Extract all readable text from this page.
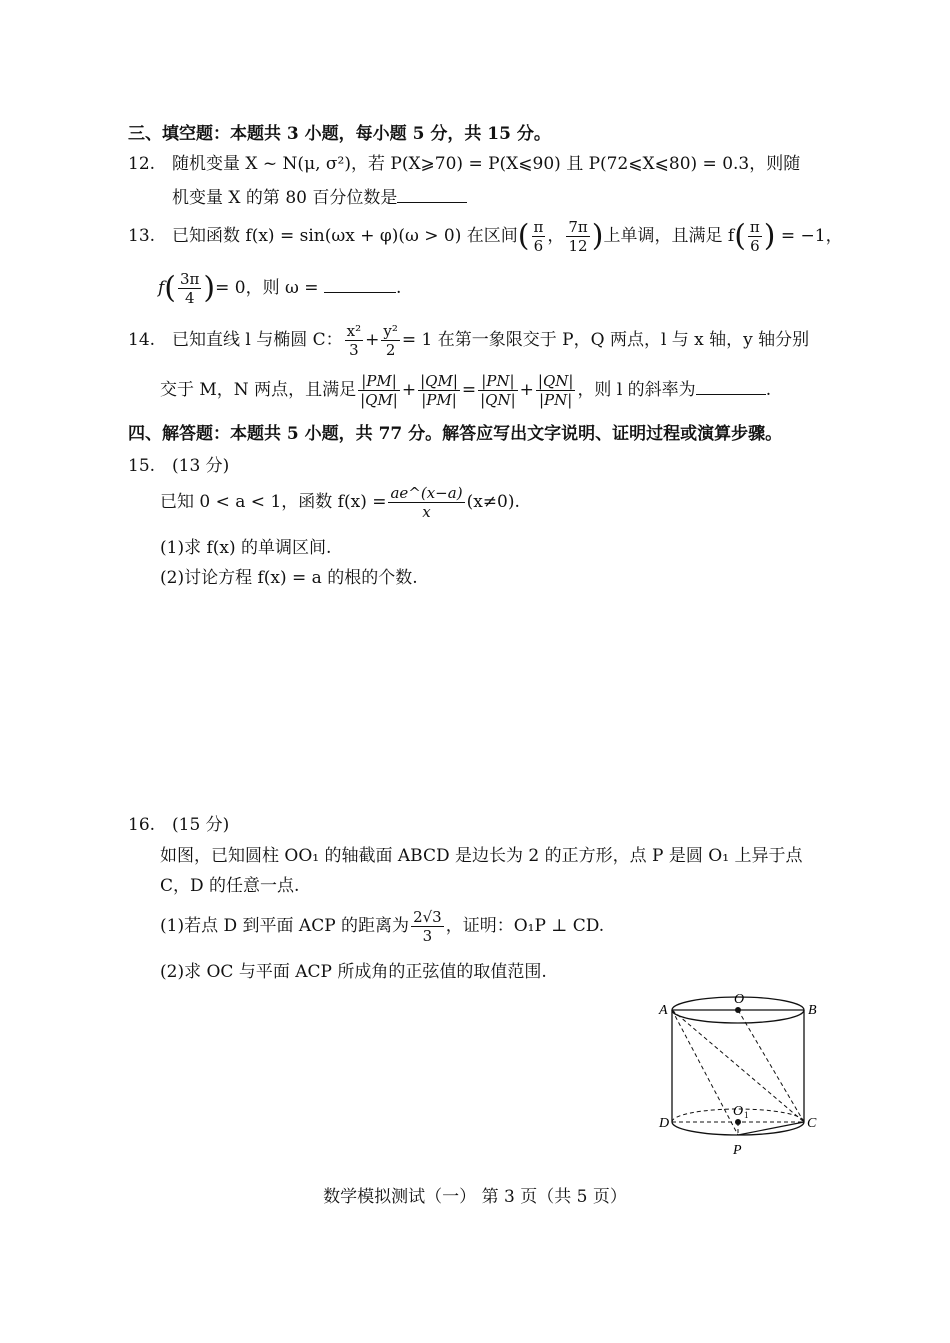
三、填空题：本题共 3 小题，每小题 5 分，共 15 分。
12. 随机变量 X ~ N(μ, σ²)，若 P(X⩾70) = P(X⩽90) 且 P(72⩽X⩽80) = 0.3，则随
机变量 X 的第 80 百分位数是
13. 已知函数 f(x) = sin(ωx + φ)(ω > 0) 在区间( $\frac{\pi}{6}$ ， $\frac{7\pi}{12}$ )上单调，且满足 $f( \frac{\pi}{6}$ ) = −1，
$f( \frac{3\pi}{4}$ )= 0，则 ω =	.
14. 已知直线 l 与椭圆 C： $\frac{\text{x²}}{3} + \frac{\text{y²}}{2} = 1$ 在第一象限交于 P，Q 两点，l 与 x 轴，y 轴分别
交于 M，N 两点，且满足 $\frac{|PM|}{|QM|} + \frac{|QM|}{|PM|} = \frac{|PN|}{|QN|} + \frac{|QN|}{|PN|}$ ，则 l 的斜率为	.
四、解答题：本题共 5 小题，共 77 分。解答应写出文字说明、证明过程或演算步骤。
15. (13 分)
已知 0 < a < 1，函数 $f(x) = \frac{ae\^{}(x-a)}{x} (x\ne 0)$.
(1)求 f(x) 的单调区间.
(2)讨论方程 f(x) = a 的根的个数.
16. (15 分)
如图，已知圆柱 OO₁ 的轴截面 ABCD 是边长为 2 的正方形，点 P 是圆 O₁ 上异于点
C，D 的任意一点.
(1)若点 D 到平面 ACP 的距离为 $\frac{2√3}{3}$ ，证明：O₁P ⊥ CD.
(2)求 OC 与平面 ACP 所成角的正弦值的取值范围.
A	B
O
O 1
D	C
P
数学模拟测试（一） 第 3 页（共 5 页）
